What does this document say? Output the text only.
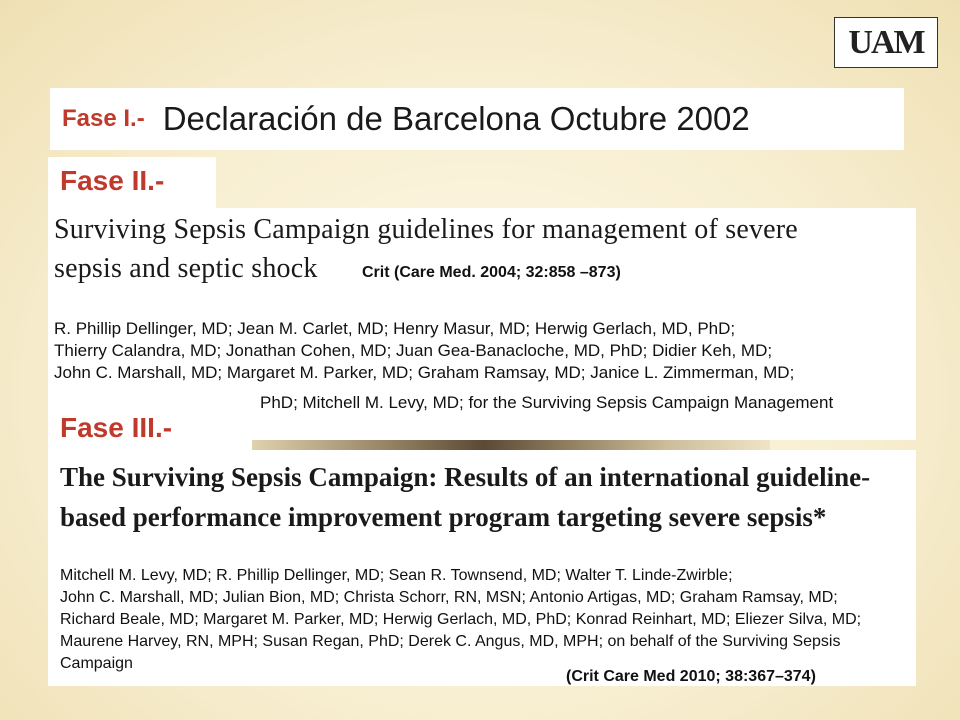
UAM
Fase I.- Declaración de Barcelona Octubre 2002
Fase II.-
Surviving Sepsis Campaign guidelines for management of severe
sepsis and septic shock	Crit (Care Med. 2004; 32:858 –873)
R. Phillip Dellinger, MD; Jean M. Carlet, MD; Henry Masur, MD; Herwig Gerlach, MD, PhD;
Thierry Calandra, MD; Jonathan Cohen, MD; Juan Gea-Banacloche, MD, PhD; Didier Keh, MD;
John C. Marshall, MD; Margaret M. Parker, MD; Graham Ramsay, MD; Janice L. Zimmerman, MD;
PhD; Mitchell M. Levy, MD; for the Surviving Sepsis Campaign Management
Fase III.-
The Surviving Sepsis Campaign: Results of an international guideline-
based performance improvement program targeting severe sepsis*
Mitchell M. Levy, MD; R. Phillip Dellinger, MD; Sean R. Townsend, MD; Walter T. Linde-Zwirble;
John C. Marshall, MD; Julian Bion, MD; Christa Schorr, RN, MSN; Antonio Artigas, MD; Graham Ramsay, MD;
Richard Beale, MD; Margaret M. Parker, MD; Herwig Gerlach, MD, PhD; Konrad Reinhart, MD; Eliezer Silva, MD;
Maurene Harvey, RN, MPH; Susan Regan, PhD; Derek C. Angus, MD, MPH; on behalf of the Surviving Sepsis
Campaign
(Crit Care Med 2010; 38:367–374)
